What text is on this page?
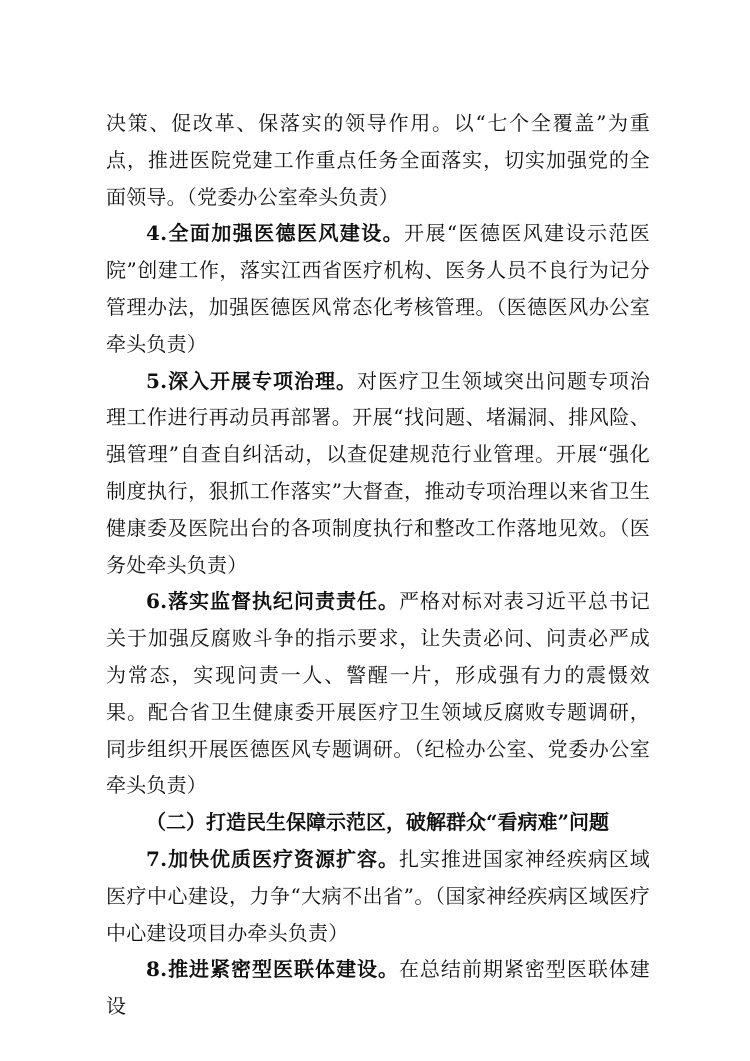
决策、促改革、保落实的领导作用。以“七个全覆盖”为重点，推进医院党建工作重点任务全面落实，切实加强党的全面领导。（党委办公室牵头负责）

4.全面加强医德医风建设。开展“医德医风建设示范医院”创建工作，落实江西省医疗机构、医务人员不良行为记分管理办法，加强医德医风常态化考核管理。（医德医风办公室牵头负责）

5.深入开展专项治理。对医疗卫生领域突出问题专项治理工作进行再动员再部署。开展“找问题、堵漏洞、排风险、强管理”自查自纠活动，以查促建规范行业管理。开展“强化制度执行，狠抓工作落实”大督查，推动专项治理以来省卫生健康委及医院出台的各项制度执行和整改工作落地见效。（医务处牵头负责）

6.落实监督执纪问责责任。严格对标对表习近平总书记关于加强反腐败斗争的指示要求，让失责必问、问责必严成为常态，实现问责一人、警醒一片，形成强有力的震慑效果。配合省卫生健康委开展医疗卫生领域反腐败专题调研，同步组织开展医德医风专题调研。（纪检办公室、党委办公室牵头负责）

（二）打造民生保障示范区，破解群众“看病难”问题

7.加快优质医疗资源扩容。扎实推进国家神经疾病区域医疗中心建设，力争“大病不出省”。（国家神经疾病区域医疗中心建设项目办牵头负责）

8.推进紧密型医联体建设。在总结前期紧密型医联体建设
